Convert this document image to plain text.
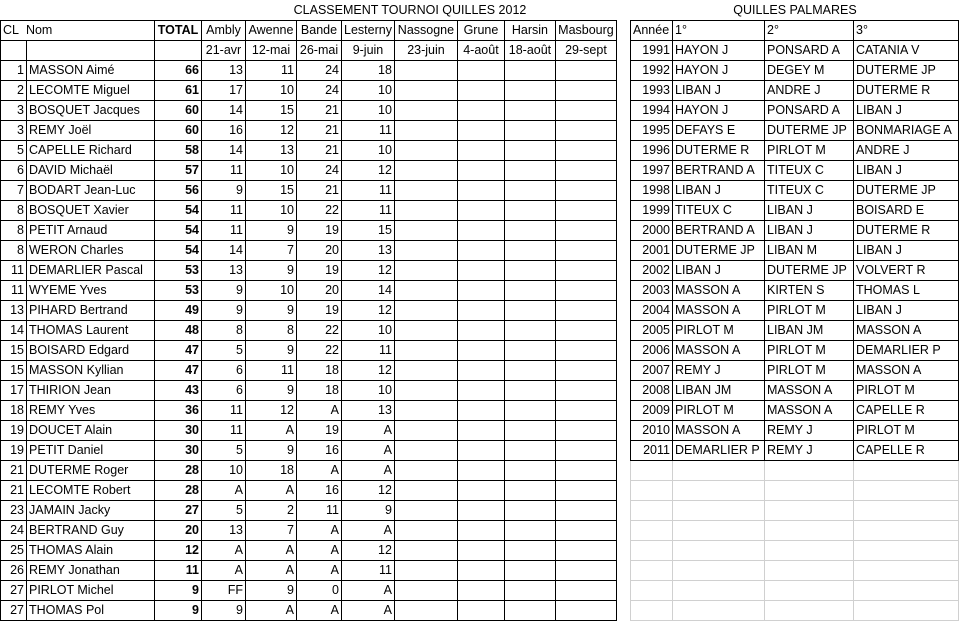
CLASSEMENT TOURNOI QUILLES 2012	QUILLES PALMARES
CL Nom		TOTAL	Ambly	Awenne	Bande	Lesterny	Nassogne	Grune	Harsin	Masbourg
			21-avr	12-mai	26-mai	9-juin	23-juin	4-août	18-août	29-sept
1	MASSON Aimé	66	13	11	24	18				
2	LECOMTE Miguel	61	17	10	24	10				
3	BOSQUET Jacques	60	14	15	21	10				
3	REMY Joël	60	16	12	21	11				
5	CAPELLE Richard	58	14	13	21	10				
6	DAVID Michaël	57	11	10	24	12				
7	BODART Jean-Luc	56	9	15	21	11				
8	BOSQUET Xavier	54	11	10	22	11				
8	PETIT Arnaud	54	11	9	19	15				
8	WERON Charles	54	14	7	20	13				
11	DEMARLIER Pascal	53	13	9	19	12				
11	WYEME Yves	53	9	10	20	14				
13	PIHARD Bertrand	49	9	9	19	12				
14	THOMAS Laurent	48	8	8	22	10				
15	BOISARD Edgard	47	5	9	22	11				
15	MASSON Kyllian	47	6	11	18	12				
17	THIRION Jean	43	6	9	18	10				
18	REMY Yves	36	11	12	A	13				
19	DOUCET Alain	30	11	A	19	A				
19	PETIT Daniel	30	5	9	16	A				
21	DUTERME Roger	28	10	18	A	A				
21	LECOMTE Robert	28	A	A	16	12				
23	JAMAIN Jacky	27	5	2	11	9				
24	BERTRAND Guy	20	13	7	A	A				
25	THOMAS Alain	12	A	A	A	12				
26	REMY Jonathan	11	A	A	A	11				
27	PIRLOT Michel	9	FF	9	0	A				
27	THOMAS Pol	9	9	A	A	A				
Année	1°	2°	3°
1991	HAYON J	PONSARD A	CATANIA V
1992	HAYON J	DEGEY M	DUTERME JP
1993	LIBAN J	ANDRE J	DUTERME R
1994	HAYON J	PONSARD A	LIBAN J
1995	DEFAYS E	DUTERME JP	BONMARIAGE A
1996	DUTERME R	PIRLOT M	ANDRE J
1997	BERTRAND A	TITEUX C	LIBAN J
1998	LIBAN J	TITEUX C	DUTERME JP
1999	TITEUX C	LIBAN J	BOISARD E
2000	BERTRAND A	LIBAN J	DUTERME R
2001	DUTERME JP	LIBAN M	LIBAN J
2002	LIBAN J	DUTERME JP	VOLVERT R
2003	MASSON A	KIRTEN S	THOMAS L
2004	MASSON A	PIRLOT M	LIBAN J
2005	PIRLOT M	LIBAN JM	MASSON A
2006	MASSON A	PIRLOT M	DEMARLIER P
2007	REMY J	PIRLOT M	MASSON A
2008	LIBAN JM	MASSON A	PIRLOT M
2009	PIRLOT M	MASSON A	CAPELLE R
2010	MASSON A	REMY J	PIRLOT M
2011	DEMARLIER P	REMY J	CAPELLE R
